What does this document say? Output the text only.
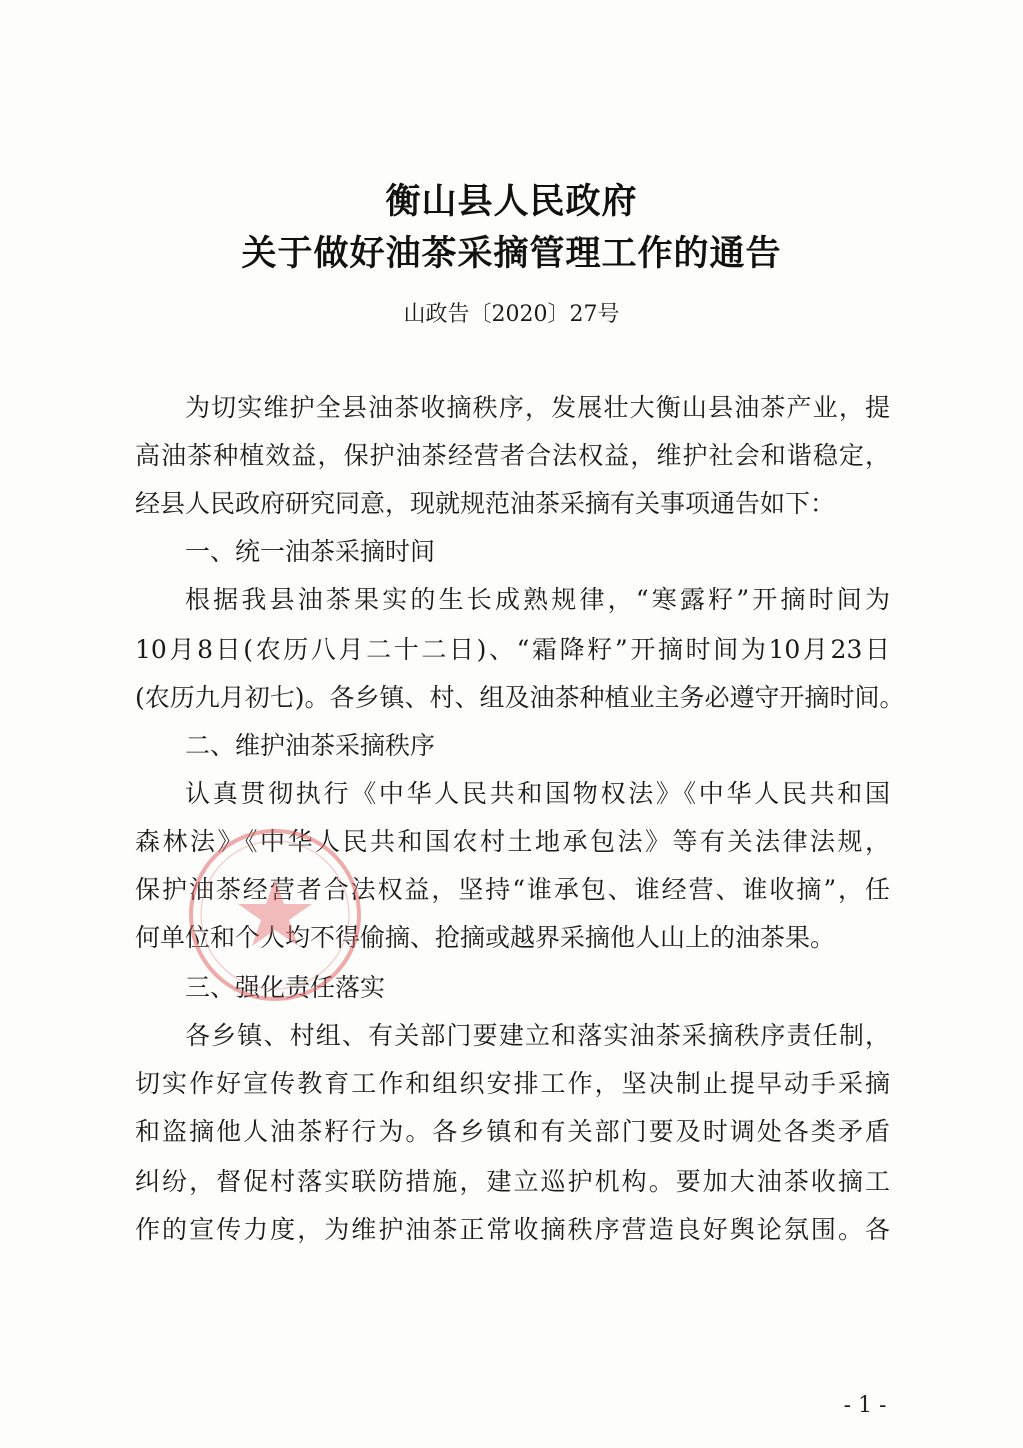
衡山县人民政府
关于做好油茶采摘管理工作的通告
山政告〔2020〕27号
为切实维护全县油茶收摘秩序，发展壮大衡山县油茶产业，提
高油茶种植效益，保护油茶经营者合法权益，维护社会和谐稳定，
经县人民政府研究同意，现就规范油茶采摘有关事项通告如下：
一、统一油茶采摘时间
根据我县油茶果实的生长成熟规律，“寒露籽”开摘时间为
10月8日(农历八月二十二日)、“霜降籽”开摘时间为10月23日
(农历九月初七)。各乡镇、村、组及油茶种植业主务必遵守开摘时间。
二、维护油茶采摘秩序
认真贯彻执行《中华人民共和国物权法》《中华人民共和国
森林法》《中华人民共和国农村土地承包法》等有关法律法规，
保护油茶经营者合法权益，坚持“谁承包、谁经营、谁收摘”，任
何单位和个人均不得偷摘、抢摘或越界采摘他人山上的油茶果。
三、强化责任落实
各乡镇、村组、有关部门要建立和落实油茶采摘秩序责任制，
切实作好宣传教育工作和组织安排工作，坚决制止提早动手采摘
和盗摘他人油茶籽行为。各乡镇和有关部门要及时调处各类矛盾
纠纷，督促村落实联防措施，建立巡护机构。要加大油茶收摘工
作的宣传力度，为维护油茶正常收摘秩序营造良好舆论氛围。各
- 1 -
